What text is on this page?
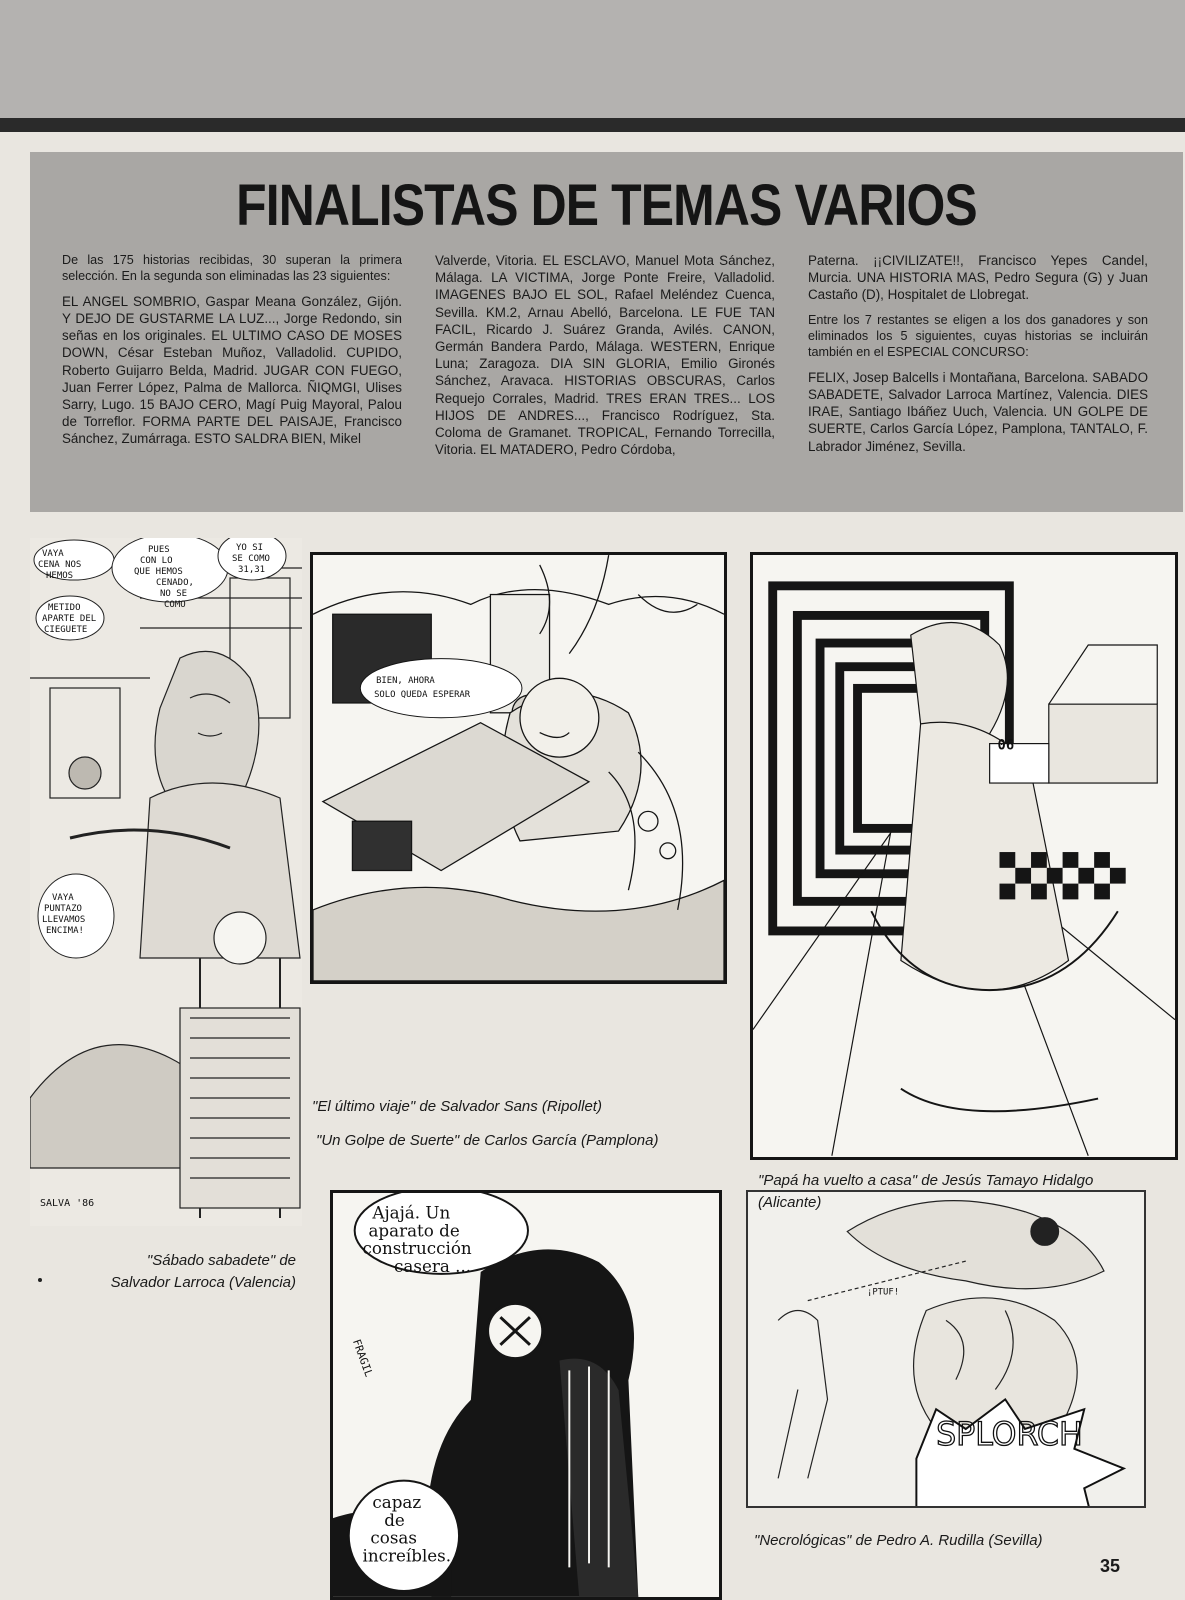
FINALISTAS DE TEMAS VARIOS

De las 175 historias recibidas, 30 superan la primera selección. En la segunda son eliminadas las 23 siguientes:

EL ANGEL SOMBRIO, Gaspar Meana González, Gijón. Y DEJO DE GUSTARME LA LUZ..., Jorge Redondo, sin señas en los originales. EL ULTIMO CASO DE MOSES DOWN, César Esteban Muñoz, Valladolid. CUPIDO, Roberto Guijarro Belda, Madrid. JUGAR CON FUEGO, Juan Ferrer López, Palma de Mallorca. ÑIQMGI, Ulises Sarry, Lugo. 15 BAJO CERO, Magí Puig Mayoral, Palou de Torreflor. FORMA PARTE DEL PAISAJE, Francisco Sánchez, Zumárraga. ESTO SALDRA BIEN, Mikel

Valverde, Vitoria. EL ESCLAVO, Manuel Mota Sánchez, Málaga. LA VICTIMA, Jorge Ponte Freire, Valladolid. IMAGENES BAJO EL SOL, Rafael Meléndez Cuenca, Sevilla. KM.2, Arnau Abelló, Barcelona. LE FUE TAN FACIL, Ricardo J. Suárez Granda, Avilés. CANON, Germán Bandera Pardo, Málaga. WESTERN, Enrique Luna; Zaragoza. DIA SIN GLORIA, Emilio Gironés Sánchez, Aravaca. HISTORIAS OBSCURAS, Carlos Requejo Corrales, Madrid. TRES ERAN TRES... LOS HIJOS DE ANDRES..., Francisco Rodríguez, Sta. Coloma de Gramanet. TROPICAL, Fernando Torrecilla, Vitoria. EL MATADERO, Pedro Córdoba,

Paterna. ¡¡CIVILIZATE!!, Francisco Yepes Candel, Murcia. UNA HISTORIA MAS, Pedro Segura (G) y Juan Castaño (D), Hospitalet de Llobregat.

Entre los 7 restantes se eligen a los dos ganadores y son eliminados los 5 siguientes, cuyas historias se incluirán también en el ESPECIAL CONCURSO:

FELIX, Josep Balcells i Montañana, Barcelona. SABADO SABADETE, Salvador Larroca Martínez, Valencia. DIES IRAE, Santiago Ibáñez Uuch, Valencia. UN GOLPE DE SUERTE, Carlos García López, Pamplona, TANTALO, F. Labrador Jiménez, Sevilla.

VAYA
CENA NOS
HEMOS
METIDO
APARTE DEL
CIEGUETE
PUES
CON LO
QUE HEMOS
CENADO,
NO SE
COMO
YO SI
SE COMO
31,31
VAYA
PUNTAZO
LLEVAMOS
ENCIMA!
SALVA '86
BIEN, AHORA
SOLO QUEDA ESPERAR
06
Ajajá. Un
aparato de
construcción
casera ...
capaz
de
cosas
increíbles.
FRAGIL
SPLORCH
¡PTUF!
"Sábado sabadete" de Salvador Larroca (Valencia)
"El último viaje" de Salvador Sans (Ripollet)
"Un Golpe de Suerte" de Carlos García (Pamplona)
"Papá ha vuelto a casa" de Jesús Tamayo Hidalgo (Alicante)
"Necrológicas" de Pedro A. Rudilla (Sevilla)
35
